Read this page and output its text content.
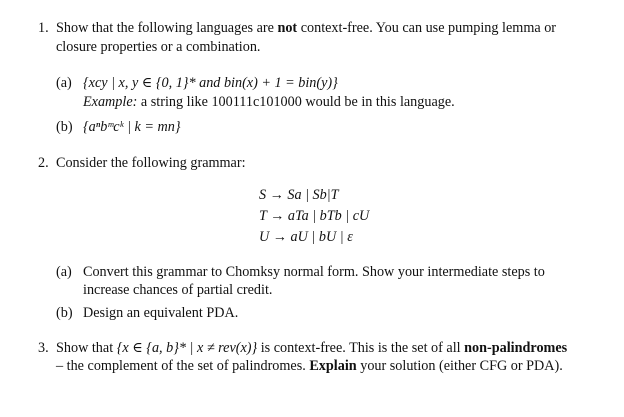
1. Show that the following languages are not context-free. You can use pumping lemma or
closure properties or a combination.
(a) {xcy | x, y ∈ {0, 1}* and bin(x) + 1 = bin(y)}
Example: a string like 100111c101000 would be in this language.
(b) {aⁿbᵐcᵏ | k = mn}
2. Consider the following grammar:
S → Sa | Sb|T
T → aTa | bTb | cU
U → aU | bU | ε
(a) Convert this grammar to Chomksy normal form. Show your intermediate steps to
increase chances of partial credit.
(b) Design an equivalent PDA.
3. Show that {x ∈ {a, b}* | x ≠ rev(x)} is context-free. This is the set of all non-palindromes
– the complement of the set of palindromes. Explain your solution (either CFG or PDA).
